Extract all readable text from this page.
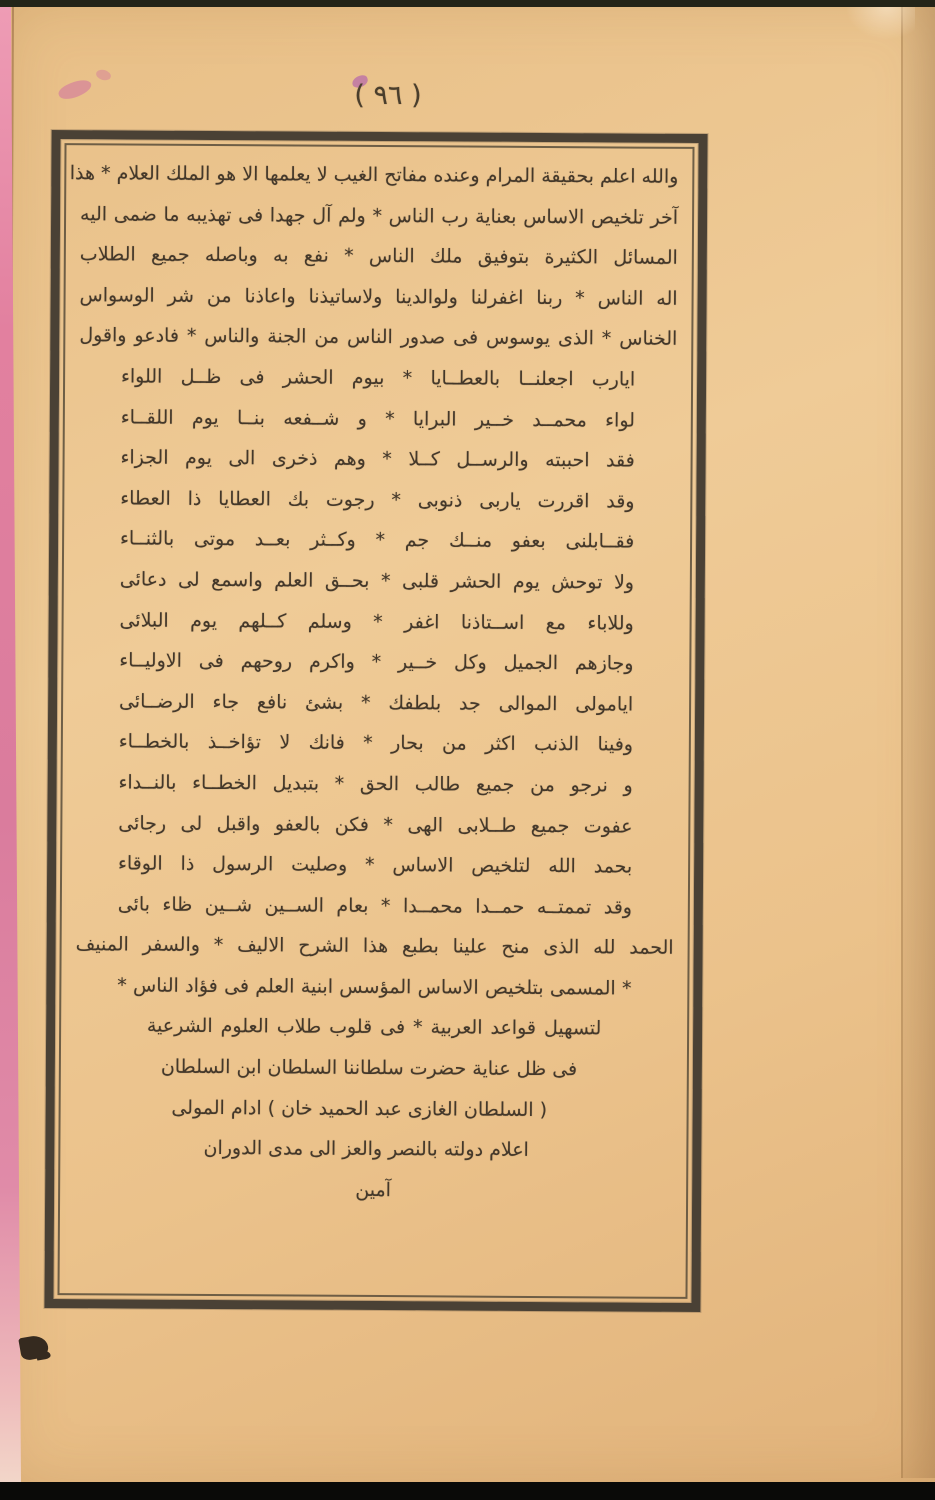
( ٩٦ )
والله اعلم بحقيقة المرام وعنده مفاتح الغيب لا يعلمها الا هو الملك العلام * هذا
آخر تلخيص الاساس بعناية رب الناس * ولم آل جهدا فى تهذيبه ما ضمى اليه
المسائل الكثيرة بتوفيق ملك الناس * نفع به وباصله جميع الطلاب
اله الناس * ربنا اغفرلنا ولوالدينا ولاساتيذنا واعاذنا من شر الوسواس
الخناس * الذى يوسوس فى صدور الناس من الجنة والناس * فادعو واقول
ايارب اجعلنــا بالعطــايا * بيوم الحشر فى ظــل اللواء
لواء محمــد خــير البرايا * و شــفعه بنــا يوم اللقــاء
فقد احببته والرســل كــلا * وهم ذخرى الى يوم الجزاء
وقد اقررت ياربى ذنوبى * رجوت بك العطايا ذا العطاء
فقــابلنى بعفو منــك جم * وكــثر بعــد موتى بالثنــاء
ولا توحش يوم الحشر قلبى * بحــق العلم واسمع لى دعائى
وللاباء مع اســتاذنا اغفر * وسلم كــلهم يوم البلائى
وجازهم الجميل وكل خــير * واكرم روحهم فى الاوليــاء
ايامولى الموالى جد بلطفك * بشئ نافع جاء الرضــائى
وفينا الذنب اكثر من بحار * فانك لا تؤاخــذ بالخطــاء
و نرجو من جميع طالب الحق * بتبديل الخطــاء بالنــداء
عفوت جميع طــلابى الهى * فكن بالعفو واقبل لى رجائى
بحمد الله لتلخيص الاساس * وصليت الرسول ذا الوقاء
وقد تممتــه حمــدا محمــدا * بعام الســين شــين ظاء بائى
الحمد لله الذى منح علينا بطبع هذا الشرح الاليف * والسفر المنيف
* المسمى بتلخيص الاساس المؤسس ابنية العلم فى فؤاد الناس *
لتسهيل قواعد العربية * فى قلوب طلاب العلوم الشرعية
فى ظل عناية حضرت سلطاننا السلطان ابن السلطان
( السلطان الغازى عبد الحميد خان ) ادام المولى
اعلام دولته بالنصر والعز الى مدى الدوران
آمين
